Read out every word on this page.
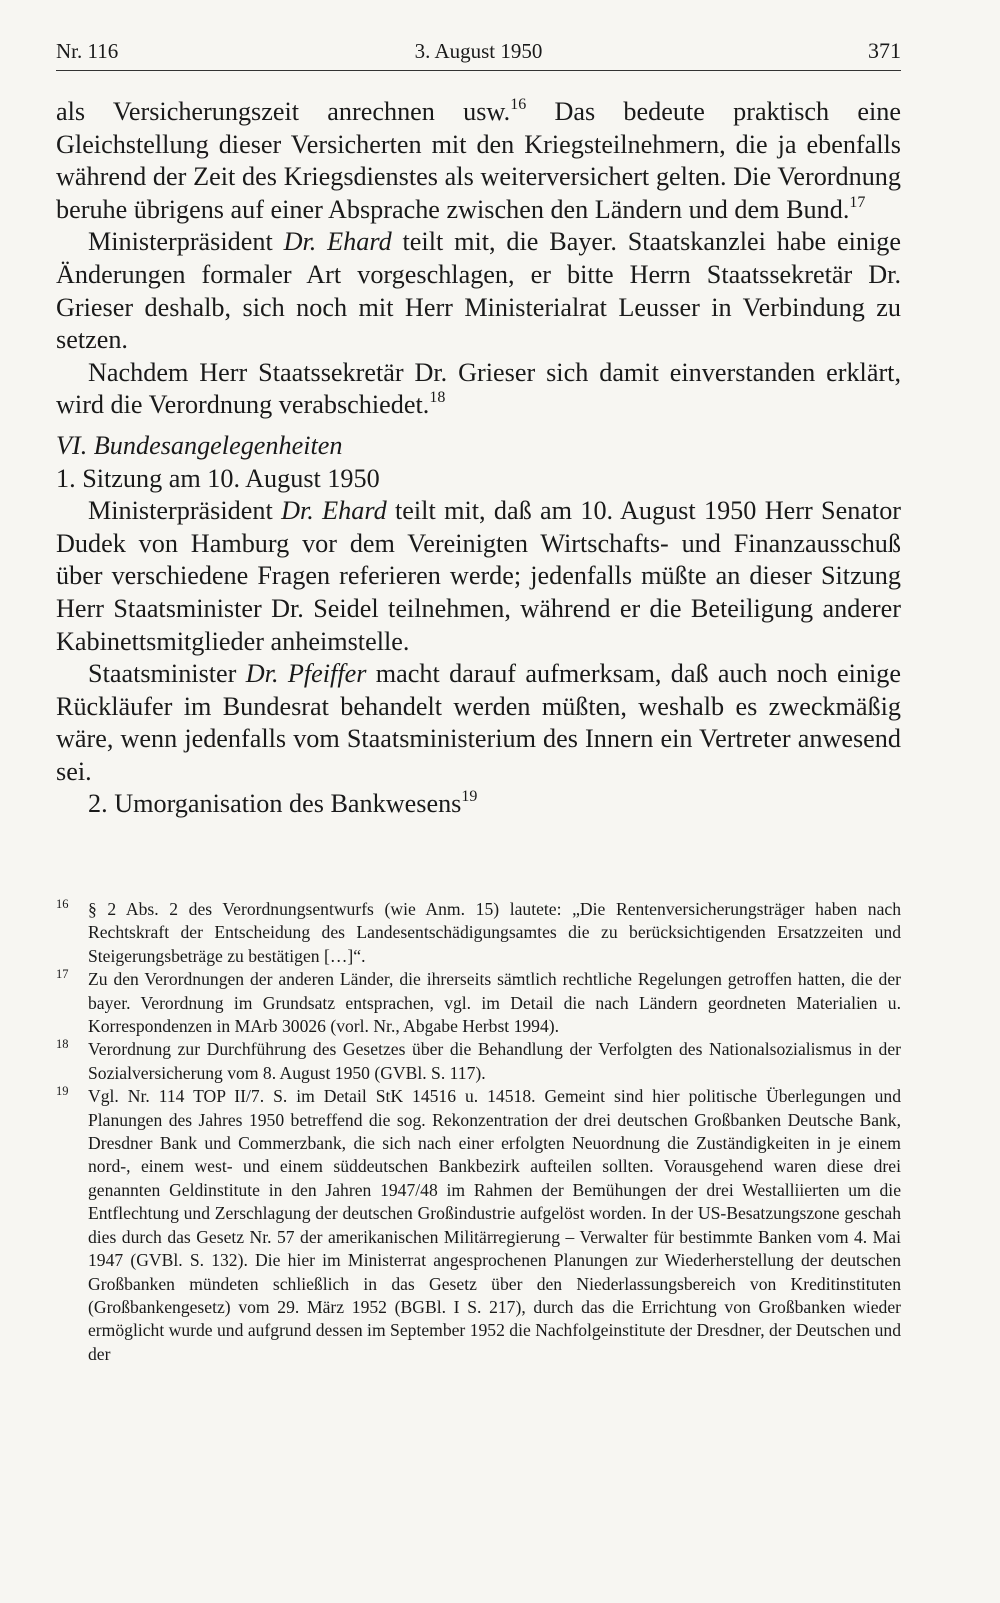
Nr. 116	3. August 1950	371

als Versicherungszeit anrechnen usw.$^{16}$ Das bedeute praktisch eine Gleichstellung dieser Versicherten mit den Kriegsteilnehmern, die ja ebenfalls während der Zeit des Kriegsdienstes als weiterversichert gelten. Die Verordnung beruhe übrigens auf einer Absprache zwischen den Ländern und dem Bund.$^{17}$

Ministerpräsident Dr. Ehard teilt mit, die Bayer. Staatskanzlei habe einige Änderungen formaler Art vorgeschlagen, er bitte Herrn Staatssekretär Dr. Grieser deshalb, sich noch mit Herr Ministerialrat Leusser in Verbindung zu setzen.

Nachdem Herr Staatssekretär Dr. Grieser sich damit einverstanden erklärt, wird die Verordnung verabschiedet.$^{18}$

VI. Bundesangelegenheiten

1. Sitzung am 10. August 1950

Ministerpräsident Dr. Ehard teilt mit, daß am 10. August 1950 Herr Senator Dudek von Hamburg vor dem Vereinigten Wirtschafts- und Finanzausschuß über verschiedene Fragen referieren werde; jedenfalls müßte an dieser Sitzung Herr Staatsminister Dr. Seidel teilnehmen, während er die Beteiligung anderer Kabinettsmitglieder anheimstelle.

Staatsminister Dr. Pfeiffer macht darauf aufmerksam, daß auch noch einige Rückläufer im Bundesrat behandelt werden müßten, weshalb es zweckmäßig wäre, wenn jedenfalls vom Staatsministerium des Innern ein Vertreter anwesend sei.

2. Umorganisation des Bankwesens$^{19}$

16 § 2 Abs. 2 des Verordnungsentwurfs (wie Anm. 15) lautete: „Die Rentenversicherungsträger haben nach Rechtskraft der Entscheidung des Landesentschädigungsamtes die zu berücksichtigenden Ersatzzeiten und Steigerungsbeträge zu bestätigen […]“.

17 Zu den Verordnungen der anderen Länder, die ihrerseits sämtlich rechtliche Regelungen getroffen hatten, die der bayer. Verordnung im Grundsatz entsprachen, vgl. im Detail die nach Ländern geordneten Materialien u. Korrespondenzen in MArb 30026 (vorl. Nr., Abgabe Herbst 1994).

18 Verordnung zur Durchführung des Gesetzes über die Behandlung der Verfolgten des Nationalsozialismus in der Sozialversicherung vom 8. August 1950 (GVBl. S. 117).

19 Vgl. Nr. 114 TOP II/7. S. im Detail StK 14516 u. 14518. Gemeint sind hier politische Überlegungen und Planungen des Jahres 1950 betreffend die sog. Rekonzentration der drei deutschen Großbanken Deutsche Bank, Dresdner Bank und Commerzbank, die sich nach einer erfolgten Neuordnung die Zuständigkeiten in je einem nord-, einem west- und einem süddeutschen Bankbezirk aufteilen sollten. Vorausgehend waren diese drei genannten Geldinstitute in den Jahren 1947/48 im Rahmen der Bemühungen der drei Westalliierten um die Entflechtung und Zerschlagung der deutschen Großindustrie aufgelöst worden. In der US-Besatzungszone geschah dies durch das Gesetz Nr. 57 der amerikanischen Militärregierung – Verwalter für bestimmte Banken vom 4. Mai 1947 (GVBl. S. 132). Die hier im Ministerrat angesprochenen Planungen zur Wiederherstellung der deutschen Großbanken mündeten schließlich in das Gesetz über den Niederlassungsbereich von Kreditinstituten (Großbankengesetz) vom 29. März 1952 (BGBl. I S. 217), durch das die Errichtung von Großbanken wieder ermöglicht wurde und aufgrund dessen im September 1952 die Nachfolgeinstitute der Dresdner, der Deutschen und der
